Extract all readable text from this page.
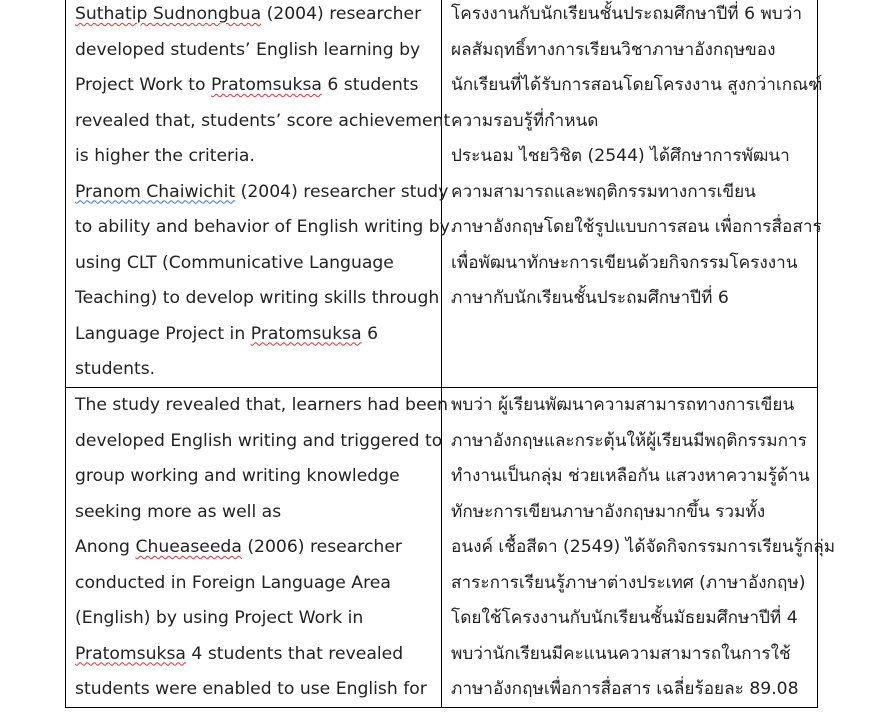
Suthatip Sudnongbua (2004) researcher
developed students’ English learning by
Project Work to Pratomsuksa 6 students
revealed that, students’ score achievement
is higher the criteria.
Pranom Chaiwichit (2004) researcher study
to ability and behavior of English writing by
using CLT (Communicative Language
Teaching) to develop writing skills through
Language Project in Pratomsuksa 6
students.
โครงงานกับนักเรียนชั้นประถมศึกษาปีที่ 6 พบว่า
ผลสัมฤทธิ์ทางการเรียนวิชาภาษาอังกฤษของ
นักเรียนที่ได้รับการสอนโดยโครงงาน สูงกว่าเกณฑ์
ความรอบรู้ที่กำหนด
ประนอม ไชยวิชิต (2544) ได้ศึกษาการพัฒนา
ความสามารถและพฤติกรรมทางการเขียน
ภาษาอังกฤษโดยใช้รูปแบบการสอน เพื่อการสื่อสาร
เพื่อพัฒนาทักษะการเขียนด้วยกิจกรรมโครงงาน
ภาษากับนักเรียนชั้นประถมศึกษาปีที่ 6
The study revealed that, learners had been
developed English writing and triggered to
group working and writing knowledge
seeking more as well as
Anong Chueaseeda (2006) researcher
conducted in Foreign Language Area
(English) by using Project Work in
Pratomsuksa 4 students that revealed
students were enabled to use English for
พบว่า ผู้เรียนพัฒนาความสามารถทางการเขียน
ภาษาอังกฤษและกระตุ้นให้ผู้เรียนมีพฤติกรรมการ
ทำงานเป็นกลุ่ม ช่วยเหลือกัน แสวงหาความรู้ด้าน
ทักษะการเขียนภาษาอังกฤษมากขึ้น รวมทั้ง
อนงค์ เชื้อสีดา (2549) ได้จัดกิจกรรมการเรียนรู้กลุ่ม
สาระการเรียนรู้ภาษาต่างประเทศ (ภาษาอังกฤษ)
โดยใช้โครงงานกับนักเรียนชั้นมัธยมศึกษาปีที่ 4
พบว่านักเรียนมีคะแนนความสามารถในการใช้
ภาษาอังกฤษเพื่อการสื่อสาร เฉลี่ยร้อยละ 89.08
